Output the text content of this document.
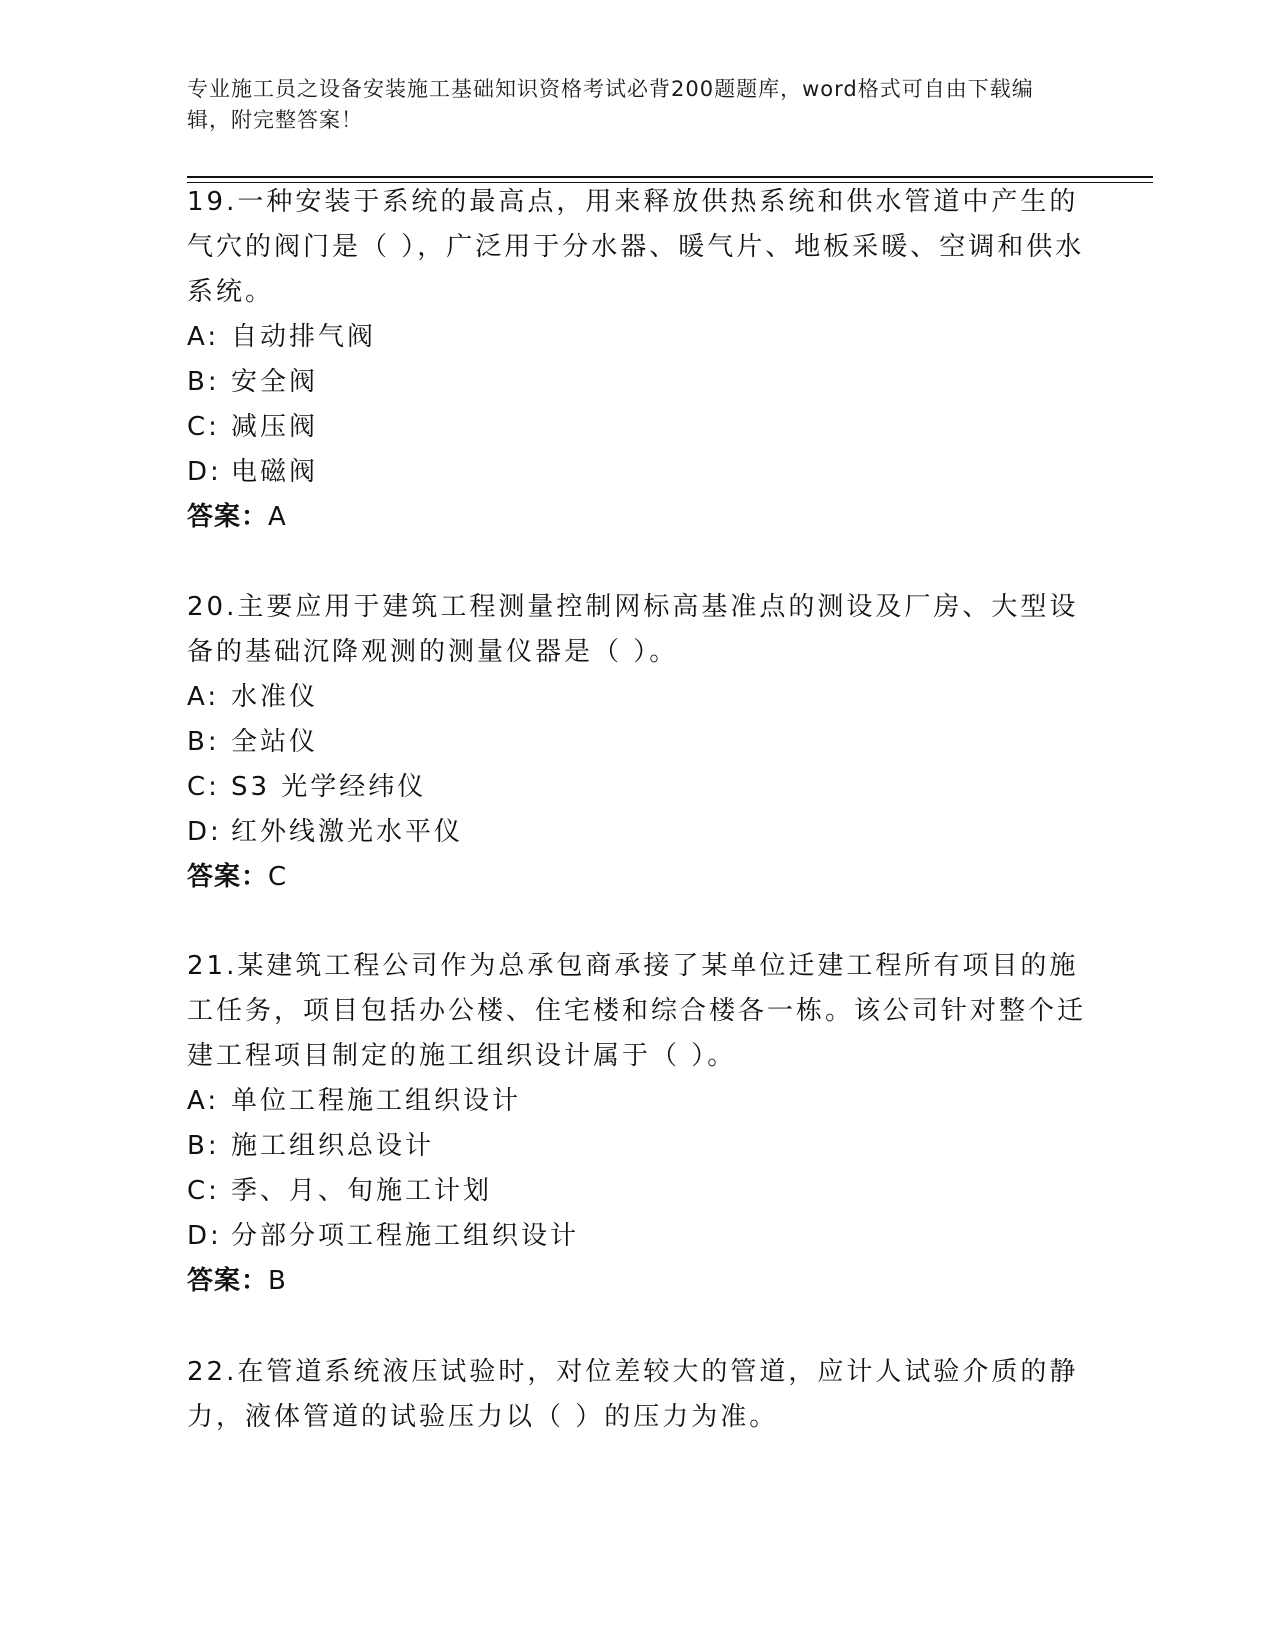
专业施工员之设备安装施工基础知识资格考试必背200题题库，word格式可自由下载编辑，附完整答案！

19.一种安装于系统的最高点，用来释放供热系统和供水管道中产生的气穴的阀门是（ ），广泛用于分水器、暖气片、地板采暖、空调和供水系统。

A: 自动排气阀

B: 安全阀

C: 减压阀

D: 电磁阀

答案：A

20.主要应用于建筑工程测量控制网标高基准点的测设及厂房、大型设备的基础沉降观测的测量仪器是（ ）。

A: 水准仪

B: 全站仪

C: S3 光学经纬仪

D: 红外线激光水平仪

答案：C

21.某建筑工程公司作为总承包商承接了某单位迁建工程所有项目的施工任务，项目包括办公楼、住宅楼和综合楼各一栋。该公司针对整个迁建工程项目制定的施工组织设计属于（ ）。

A: 单位工程施工组织设计

B: 施工组织总设计

C: 季、月、旬施工计划

D: 分部分项工程施工组织设计

答案：B

22.在管道系统液压试验时，对位差较大的管道，应计人试验介质的静力，液体管道的试验压力以（ ）的压力为准。
